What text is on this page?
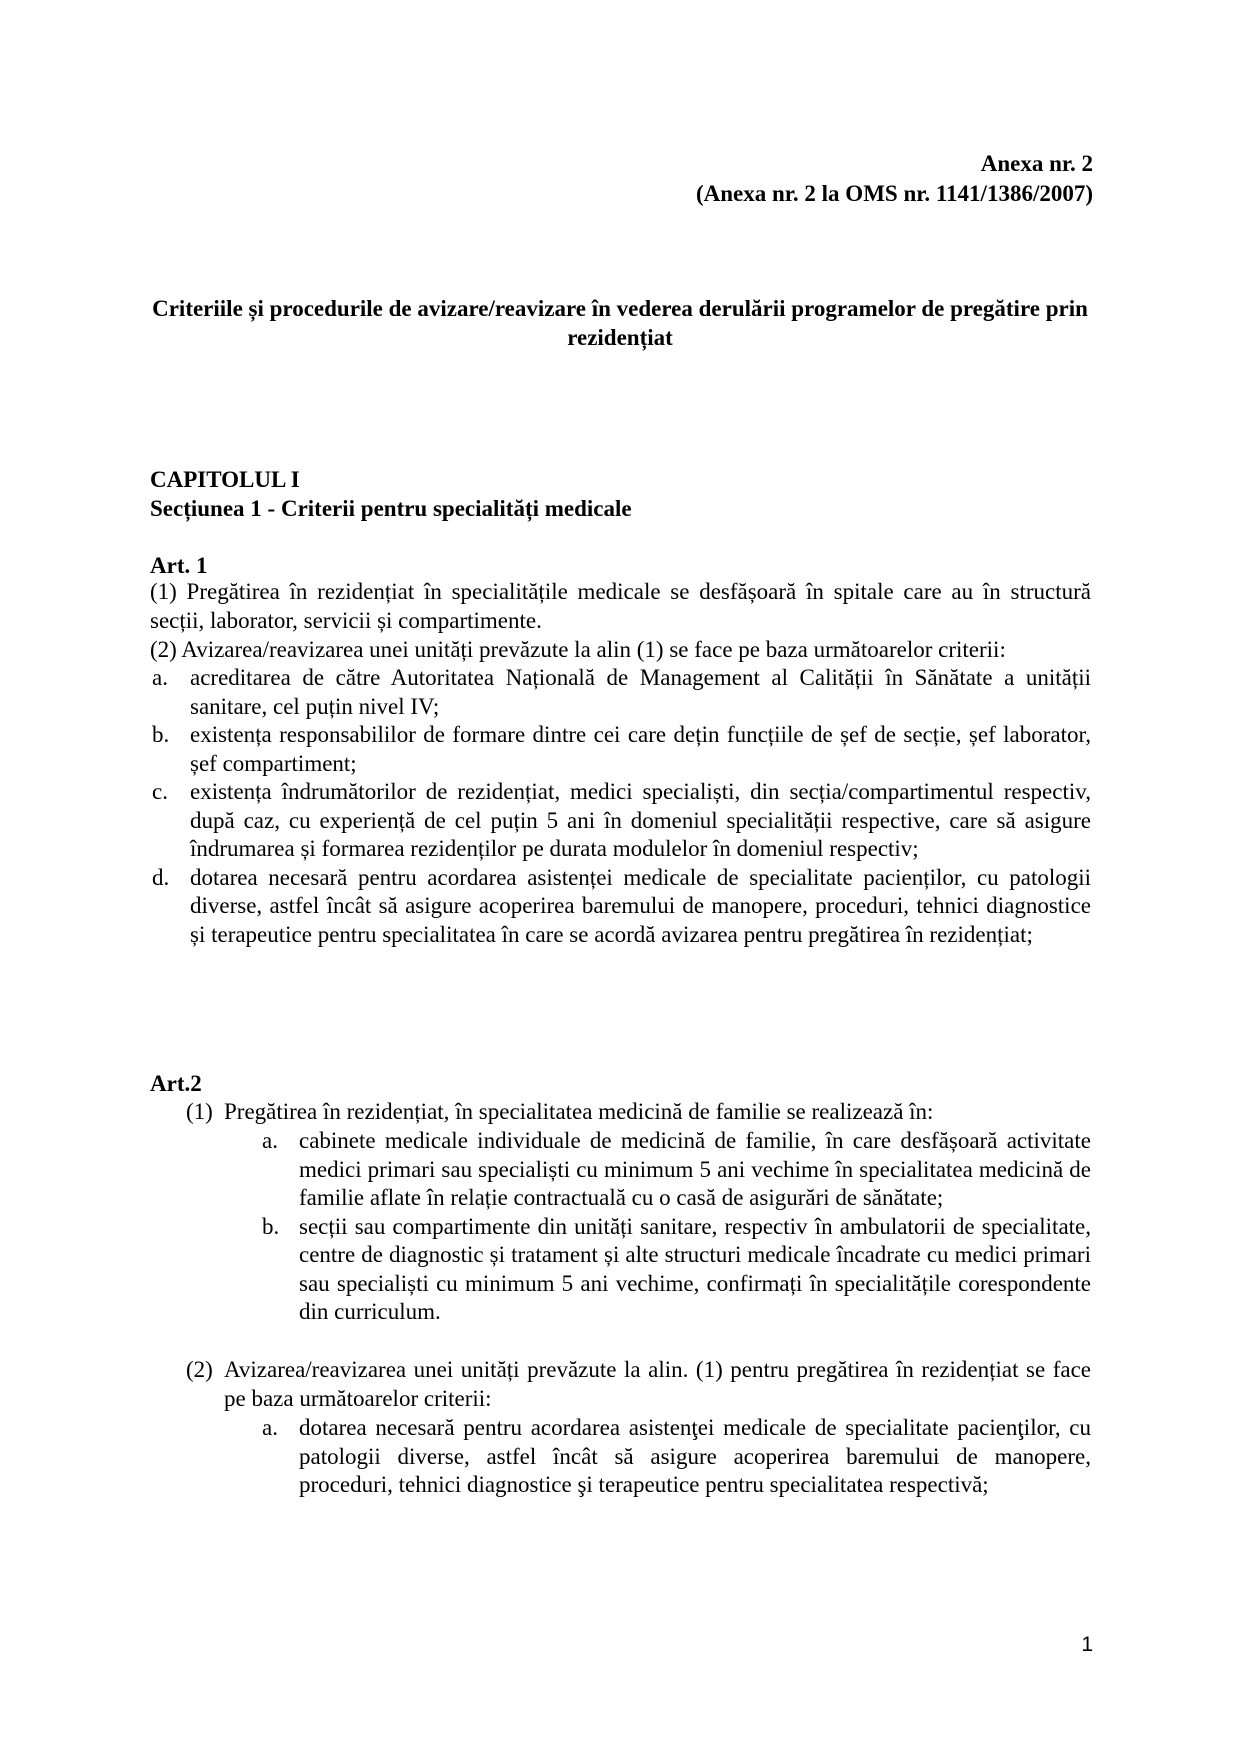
Anexa nr. 2
(Anexa nr. 2 la OMS nr. 1141/1386/2007)
Criteriile și procedurile de avizare/reavizare în vederea derulării programelor de pregătire prin rezidențiat
CAPITOLUL I
Secțiunea 1 - Criterii pentru specialități medicale
Art. 1
(1) Pregătirea în rezidențiat în specialitățile medicale se desfășoară în spitale care au în structură secții, laborator, servicii și compartimente.
(2) Avizarea/reavizarea unei unități prevăzute la alin (1) se face pe baza următoarelor criterii:
a. acreditarea de către Autoritatea Națională de Management al Calității în Sănătate a unității sanitare, cel puțin nivel IV;
b. existența responsabililor de formare dintre cei care dețin funcțiile de șef de secție, șef laborator, șef compartiment;
c. existența îndrumătorilor de rezidențiat, medici specialiști, din secția/compartimentul respectiv, după caz, cu experiență de cel puțin 5 ani în domeniul specialității respective, care să asigure îndrumarea și formarea rezidenților pe durata modulelor în domeniul respectiv;
d. dotarea necesară pentru acordarea asistenței medicale de specialitate pacienților, cu patologii diverse, astfel încât să asigure acoperirea baremului de manopere, proceduri, tehnici diagnostice și terapeutice pentru specialitatea în care se acordă avizarea pentru pregătirea în rezidențiat;
Art.2
(1) Pregătirea în rezidențiat, în specialitatea medicină de familie se realizează în:
a. cabinete medicale individuale de medicină de familie, în care desfășoară activitate medici primari sau specialiști cu minimum 5 ani vechime în specialitatea medicină de familie aflate în relație contractuală cu o casă de asigurări de sănătate;
b. secții sau compartimente din unități sanitare, respectiv în ambulatorii de specialitate, centre de diagnostic și tratament și alte structuri medicale încadrate cu medici primari sau specialiști cu minimum 5 ani vechime, confirmați în specialitățile corespondente din curriculum.
(2) Avizarea/reavizarea unei unități prevăzute la alin. (1) pentru pregătirea în rezidențiat se face pe baza următoarelor criterii:
a. dotarea necesară pentru acordarea asistenţei medicale de specialitate pacienţilor, cu patologii diverse, astfel încât să asigure acoperirea baremului de manopere, proceduri, tehnici diagnostice şi terapeutice pentru specialitatea respectivă;
1
